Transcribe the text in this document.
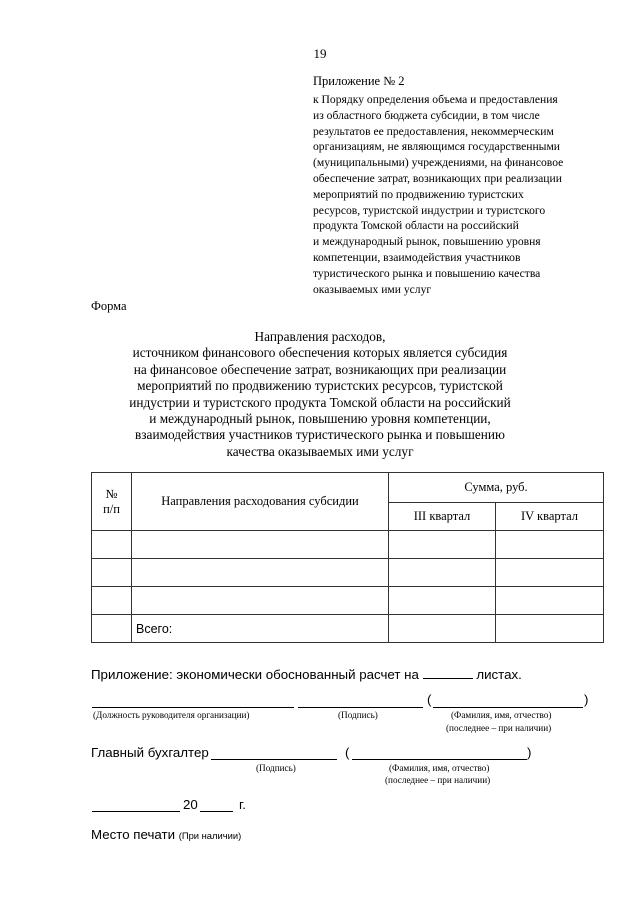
19
Приложение № 2
к Порядку определения объема и предоставления
из областного бюджета субсидии, в том числе
результатов ее предоставления, некоммерческим
организациям, не являющимся государственными
(муниципальными) учреждениями, на финансовое
обеспечение затрат, возникающих при реализации
мероприятий по продвижению туристских
ресурсов, туристской индустрии и туристского
продукта Томской области на российский
и международный рынок, повышению уровня
компетенции, взаимодействия участников
туристического рынка и повышению качества
оказываемых ими услуг
Форма
Направления расходов,
источником финансового обеспечения которых является субсидия
на финансовое обеспечение затрат, возникающих при реализации
мероприятий по продвижению туристских ресурсов, туристской
индустрии и туристского продукта Томской области на российский
и международный рынок, повышению уровня компетенции,
взаимодействия участников туристического рынка и повышению
качества оказываемых ими услуг
№
п/п	Направления расходования субсидии	Сумма, руб.	
		III квартал	IV квартал

	Всего:		
Приложение: экономически обоснованный расчет на	листах.
(	)
(Должность руководителя организации)	(Подпись)	(Фамилия, имя, отчество)
(последнее – при наличии)
Главный бухгалтер	(	)
(Подпись)	(Фамилия, имя, отчество)
(последнее – при наличии)
20	г.
Место печати (При наличии)
